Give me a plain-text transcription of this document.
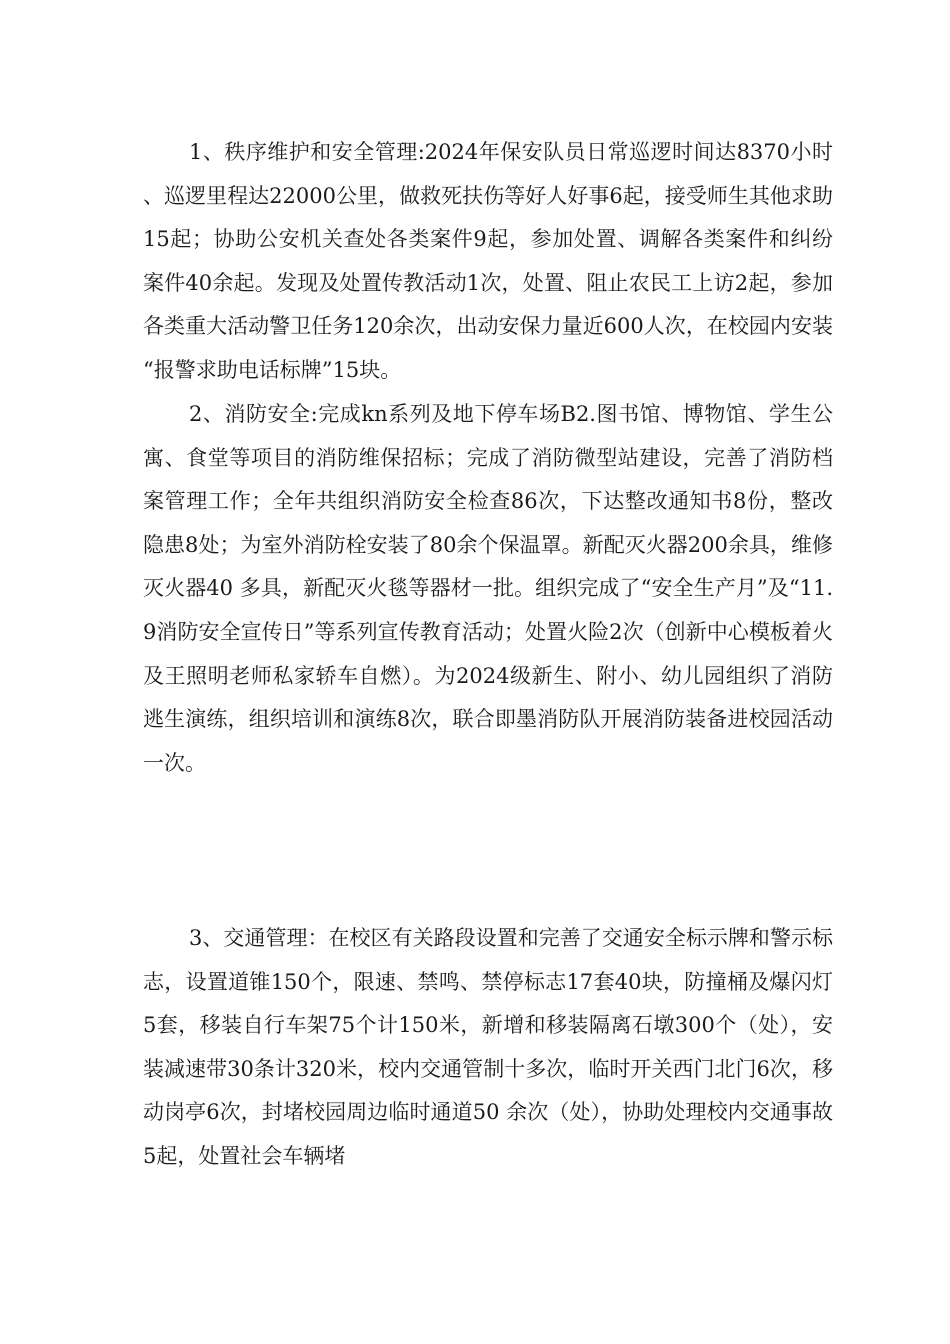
1、秩序维护和安全管理:2024年保安队员日常巡逻时间达8370小时、巡逻里程达22000公里，做救死扶伤等好人好事6起，接受师生其他求助15起；协助公安机关查处各类案件9起，参加处置、调解各类案件和纠纷案件40余起。发现及处置传教活动1次，处置、阻止农民工上访2起，参加各类重大活动警卫任务120余次，出动安保力量近600人次，在校园内安装“报警求助电话标牌”15块。

2、消防安全:完成kn系列及地下停车场B2.图书馆、博物馆、学生公寓、食堂等项目的消防维保招标；完成了消防微型站建设，完善了消防档案管理工作；全年共组织消防安全检查86次，下达整改通知书8份，整改隐患8处；为室外消防栓安装了80余个保温罩。新配灭火器200余具，维修灭火器40 多具，新配灭火毯等器材一批。组织完成了“安全生产月”及“11.9消防安全宣传日”等系列宣传教育活动；处置火险2次（创新中心模板着火及王照明老师私家轿车自燃）。为2024级新生、附小、幼儿园组织了消防逃生演练，组织培训和演练8次，联合即墨消防队开展消防装备进校园活动一次。

3、交通管理：在校区有关路段设置和完善了交通安全标示牌和警示标志，设置道锥150个，限速、禁鸣、禁停标志17套40块，防撞桶及爆闪灯5套，移装自行车架75个计150米，新增和移装隔离石墩300个（处），安装减速带30条计320米，校内交通管制十多次，临时开关西门北门6次，移动岗亭6次，封堵校园周边临时通道50 余次（处），协助处理校内交通事故5起，处置社会车辆堵
